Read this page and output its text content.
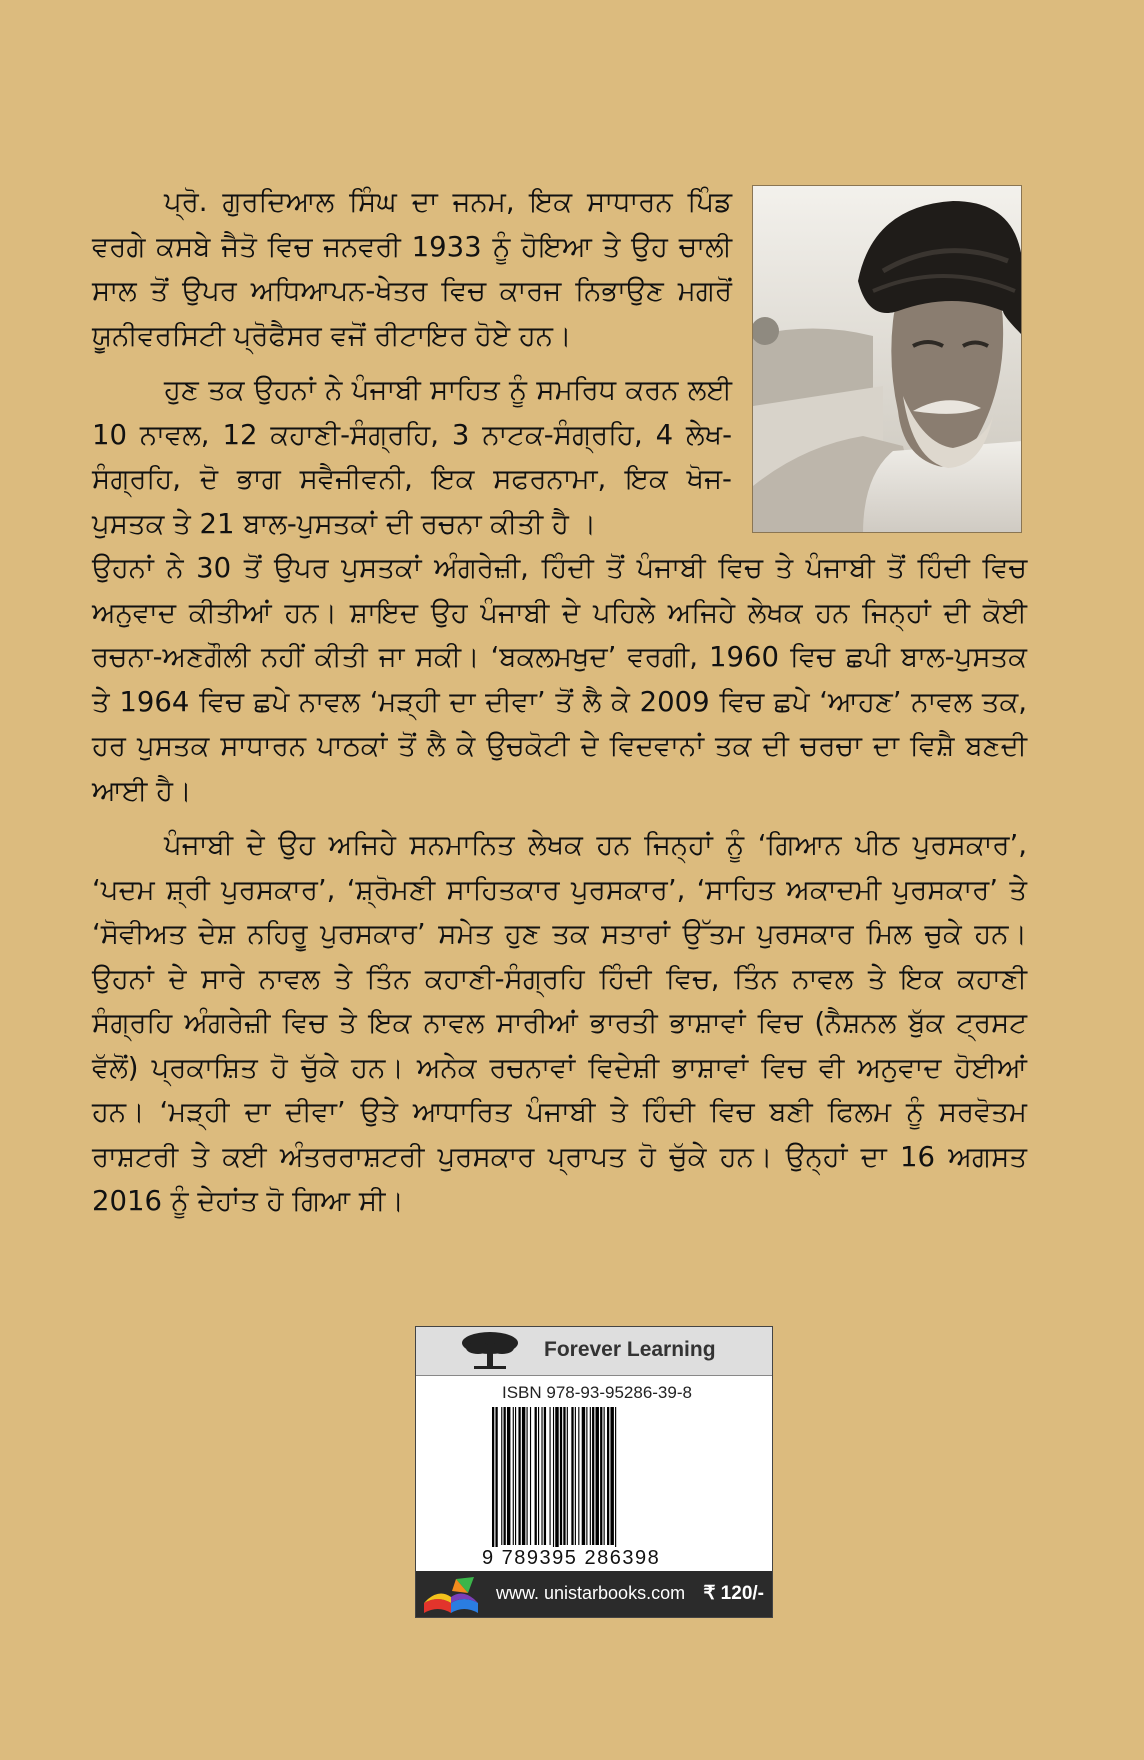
ਪ੍ਰੋ. ਗੁਰਦਿਆਲ ਸਿੰਘ ਦਾ ਜਨਮ, ਇਕ ਸਾਧਾਰਨ ਪਿੰਡ ਵਰਗੇ ਕਸਬੇ ਜੈਤੋ ਵਿਚ ਜਨਵਰੀ 1933 ਨੂੰ ਹੋਇਆ ਤੇ ਉਹ ਚਾਲੀ ਸਾਲ ਤੋਂ ਉਪਰ ਅਧਿਆਪਨ-ਖੇਤਰ ਵਿਚ ਕਾਰਜ ਨਿਭਾਉਣ ਮਗਰੋਂ ਯੂਨੀਵਰਸਿਟੀ ਪ੍ਰੋਫੈਸਰ ਵਜੋਂ ਰੀਟਾਇਰ ਹੋਏ ਹਨ।

ਹੁਣ ਤਕ ਉਹਨਾਂ ਨੇ ਪੰਜਾਬੀ ਸਾਹਿਤ ਨੂੰ ਸਮਰਿਧ ਕਰਨ ਲਈ 10 ਨਾਵਲ, 12 ਕਹਾਣੀ-ਸੰਗ੍ਰਹਿ, 3 ਨਾਟਕ-ਸੰਗ੍ਰਹਿ, 4 ਲੇਖ-ਸੰਗ੍ਰਹਿ, ਦੋ ਭਾਗ ਸਵੈਜੀਵਨੀ, ਇਕ ਸਫਰਨਾਮਾ, ਇਕ ਖੋਜ-ਪੁਸਤਕ ਤੇ 21 ਬਾਲ-ਪੁਸਤਕਾਂ ਦੀ ਰਚਨਾ ਕੀਤੀ ਹੈ ।

ਉਹਨਾਂ ਨੇ 30 ਤੋਂ ਉਪਰ ਪੁਸਤਕਾਂ ਅੰਗਰੇਜ਼ੀ, ਹਿੰਦੀ ਤੋਂ ਪੰਜਾਬੀ ਵਿਚ ਤੇ ਪੰਜਾਬੀ ਤੋਂ ਹਿੰਦੀ ਵਿਚ ਅਨੁਵਾਦ ਕੀਤੀਆਂ ਹਨ। ਸ਼ਾਇਦ ਉਹ ਪੰਜਾਬੀ ਦੇ ਪਹਿਲੇ ਅਜਿਹੇ ਲੇਖਕ ਹਨ ਜਿਨ੍ਹਾਂ ਦੀ ਕੋਈ ਰਚਨਾ-ਅਣਗੌਲੀ ਨਹੀਂ ਕੀਤੀ ਜਾ ਸਕੀ। ‘ਬਕਲਮਖੁਦ’ ਵਰਗੀ, 1960 ਵਿਚ ਛਪੀ ਬਾਲ-ਪੁਸਤਕ ਤੇ 1964 ਵਿਚ ਛਪੇ ਨਾਵਲ ‘ਮੜ੍ਹੀ ਦਾ ਦੀਵਾ’ ਤੋਂ ਲੈ ਕੇ 2009 ਵਿਚ ਛਪੇ ‘ਆਹਣ’ ਨਾਵਲ ਤਕ, ਹਰ ਪੁਸਤਕ ਸਾਧਾਰਨ ਪਾਠਕਾਂ ਤੋਂ ਲੈ ਕੇ ਉਚਕੋਟੀ ਦੇ ਵਿਦਵਾਨਾਂ ਤਕ ਦੀ ਚਰਚਾ ਦਾ ਵਿਸ਼ੈ ਬਣਦੀ ਆਈ ਹੈ।

ਪੰਜਾਬੀ ਦੇ ਉਹ ਅਜਿਹੇ ਸਨਮਾਨਿਤ ਲੇਖਕ ਹਨ ਜਿਨ੍ਹਾਂ ਨੂੰ ‘ਗਿਆਨ ਪੀਠ ਪੁਰਸਕਾਰ’, ‘ਪਦਮ ਸ਼੍ਰੀ ਪੁਰਸਕਾਰ’, ‘ਸ਼੍ਰੋਮਣੀ ਸਾਹਿਤਕਾਰ ਪੁਰਸਕਾਰ’, ‘ਸਾਹਿਤ ਅਕਾਦਮੀ ਪੁਰਸਕਾਰ’ ਤੇ ‘ਸੋਵੀਅਤ ਦੇਸ਼ ਨਹਿਰੂ ਪੁਰਸਕਾਰ’ ਸਮੇਤ ਹੁਣ ਤਕ ਸਤਾਰਾਂ ਉੱਤਮ ਪੁਰਸਕਾਰ ਮਿਲ ਚੁਕੇ ਹਨ। ਉਹਨਾਂ ਦੇ ਸਾਰੇ ਨਾਵਲ ਤੇ ਤਿੰਨ ਕਹਾਣੀ-ਸੰਗ੍ਰਹਿ ਹਿੰਦੀ ਵਿਚ, ਤਿੰਨ ਨਾਵਲ ਤੇ ਇਕ ਕਹਾਣੀ ਸੰਗ੍ਰਹਿ ਅੰਗਰੇਜ਼ੀ ਵਿਚ ਤੇ ਇਕ ਨਾਵਲ ਸਾਰੀਆਂ ਭਾਰਤੀ ਭਾਸ਼ਾਵਾਂ ਵਿਚ (ਨੈਸ਼ਨਲ ਬੁੱਕ ਟ੍ਰਸਟ ਵੱਲੋਂ) ਪ੍ਰਕਾਸ਼ਿਤ ਹੋ ਚੁੱਕੇ ਹਨ। ਅਨੇਕ ਰਚਨਾਵਾਂ ਵਿਦੇਸ਼ੀ ਭਾਸ਼ਾਵਾਂ ਵਿਚ ਵੀ ਅਨੁਵਾਦ ਹੋਈਆਂ ਹਨ। ‘ਮੜ੍ਹੀ ਦਾ ਦੀਵਾ’ ਉਤੇ ਆਧਾਰਿਤ ਪੰਜਾਬੀ ਤੇ ਹਿੰਦੀ ਵਿਚ ਬਣੀ ਫਿਲਮ ਨੂੰ ਸਰਵੋਤਮ ਰਾਸ਼ਟਰੀ ਤੇ ਕਈ ਅੰਤਰਰਾਸ਼ਟਰੀ ਪੁਰਸਕਾਰ ਪ੍ਰਾਪਤ ਹੋ ਚੁੱਕੇ ਹਨ। ਉਨ੍ਹਾਂ ਦਾ 16 ਅਗਸਤ 2016 ਨੂੰ ਦੇਹਾਂਤ ਹੋ ਗਿਆ ਸੀ।

Forever Learning
ISBN 978-93-95286-39-8
9 789395 286398
www. unistarbooks.com ₹ 120/-
